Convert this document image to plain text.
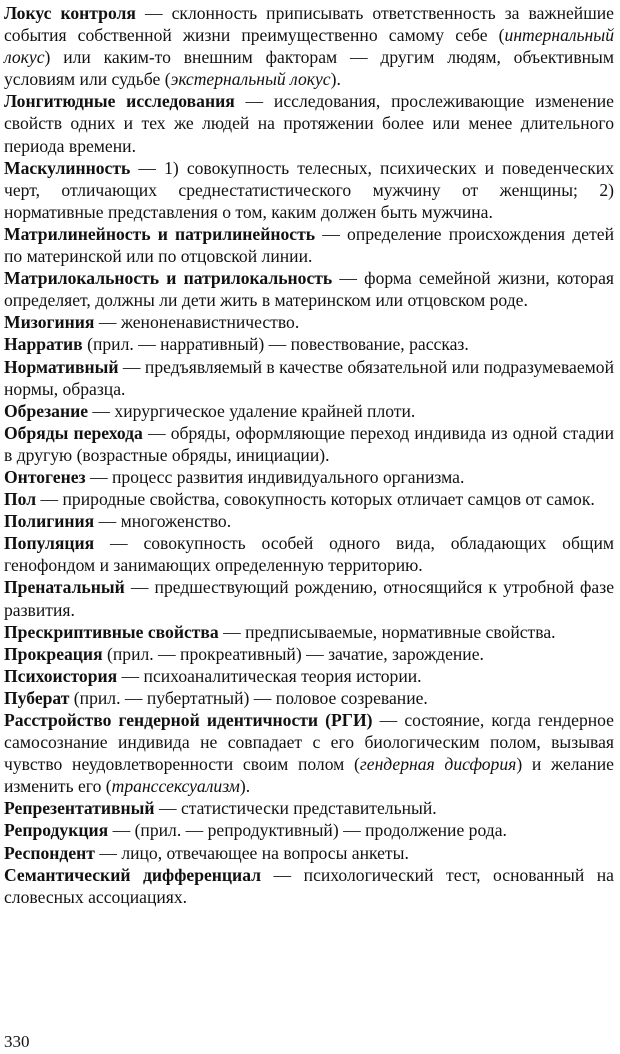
Локус контроля — склонность приписывать ответственность за важнейшие события собственной жизни преимущественно самому себе (интернальный локус) или каким-то внешним факторам — другим людям, объективным условиям или судьбе (экстернальный локус).

Лонгитюдные исследования — исследования, прослеживающие изменение свойств одних и тех же людей на протяжении более или менее длительного периода времени.

Маскулинность — 1) совокупность телесных, психических и поведенческих черт, отличающих среднестатистического мужчину от женщины; 2) нормативные представления о том, каким должен быть мужчина.

Матрилинейность и патрилинейность — определение происхождения детей по материнской или по отцовской линии.

Матрилокальность и патрилокальность — форма семейной жизни, которая определяет, должны ли дети жить в материнском или отцовском роде.

Мизогиния — женоненавистничество.

Нарратив (прил. — нарративный) — повествование, рассказ.

Нормативный — предъявляемый в качестве обязательной или подразумеваемой нормы, образца.

Обрезание — хирургическое удаление крайней плоти.

Обряды перехода — обряды, оформляющие переход индивида из одной стадии в другую (возрастные обряды, инициации).

Онтогенез — процесс развития индивидуального организма.

Пол — природные свойства, совокупность которых отличает самцов от самок.

Полигиния — многоженство.

Популяция — совокупность особей одного вида, обладающих общим генофондом и занимающих определенную территорию.

Пренатальный — предшествующий рождению, относящийся к утробной фазе развития.

Прескриптивные свойства — предписываемые, нормативные свойства.

Прокреация (прил. — прокреативный) — зачатие, зарождение.

Психоистория — психоаналитическая теория истории.

Пуберат (прил. — пубертатный) — половое созревание.

Расстройство гендерной идентичности (РГИ) — состояние, когда гендерное самосознание индивида не совпадает с его биологическим полом, вызывая чувство неудовлетворенности своим полом (гендерная дисфория) и желание изменить его (транссексуализм).

Репрезентативный — статистически представительный.

Репродукция — (прил. — репродуктивный) — продолжение рода.

Респондент — лицо, отвечающее на вопросы анкеты.

Семантический дифференциал — психологический тест, основанный на словесных ассоциациях.

330
